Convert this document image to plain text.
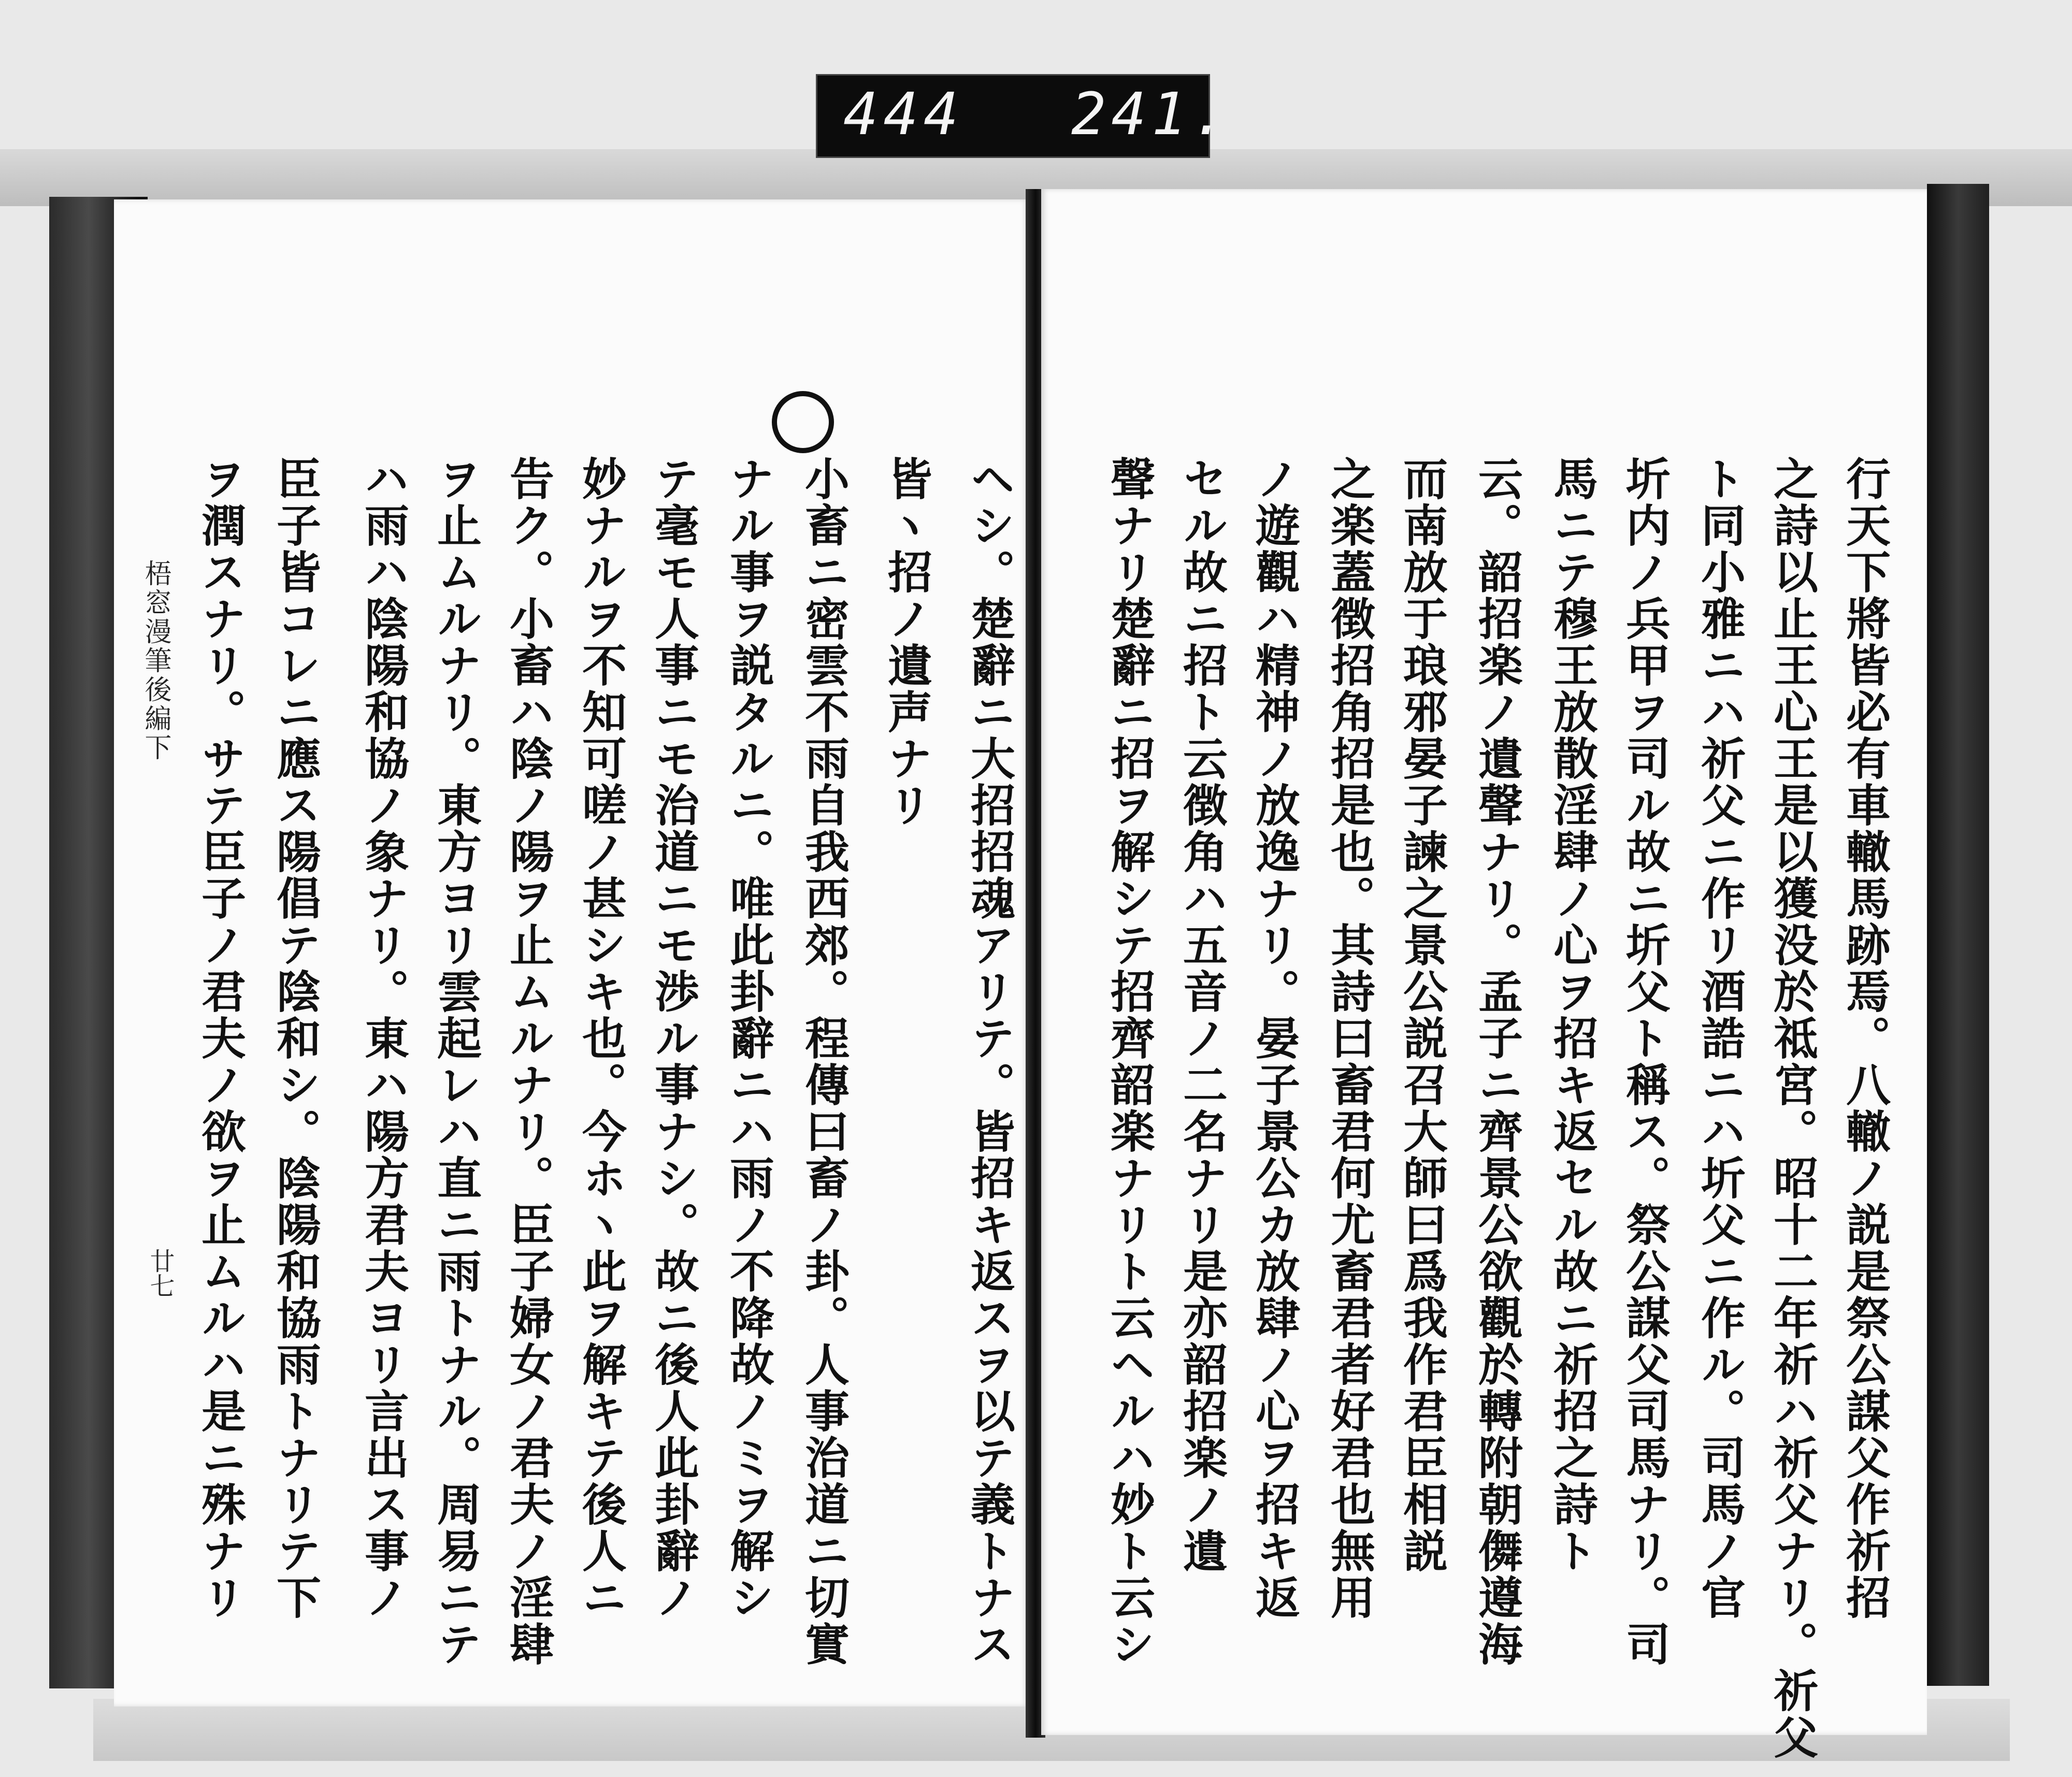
444 241.
梧窓漫筆後編下
廿七	ヘシ。楚辭ニ大招招魂アリテ。皆招キ返スヲ以テ義トナス
皆ヽ招ノ遺声ナリ
小畜ニ密雲不雨自我西郊。程傳曰畜ノ卦。人事治道ニ切實
ナル事ヲ説タルニ。唯此卦辭ニハ雨ノ不降故ノミヲ解シ
テ毫モ人事ニモ治道ニモ渉ル事ナシ。故ニ後人此卦辭ノ
妙ナルヲ不知可嗟ノ甚シキ也。今ホヽ此ヲ解キテ後人ニ
告ク。小畜ハ陰ノ陽ヲ止ムルナリ。臣子婦女ノ君夫ノ淫肆
ヲ止ムルナリ。東方ヨリ雲起レハ直ニ雨トナル。周易ニテ
ハ雨ハ陰陽和協ノ象ナリ。東ハ陽方君夫ヨリ言出ス事ノ
臣子皆コレニ應ス陽倡テ陰和シ。陰陽和協雨トナリテ下
ヲ潤スナリ。サテ臣子ノ君夫ノ欲ヲ止ムルハ是ニ殊ナリ	行天下將皆必有車轍馬跡焉。八轍ノ説是祭公謀父作祈招
之詩以止王心王是以獲没於祗宮。昭十二年祈ハ祈父ナリ。祈父
ト同小雅ニハ祈父ニ作リ酒誥ニハ圻父ニ作ル。司馬ノ官
圻内ノ兵甲ヲ司ル故ニ圻父ト稱ス。祭公謀父司馬ナリ。司
馬ニテ穆王放散淫肆ノ心ヲ招キ返セル故ニ祈招之詩ト
云。韶招楽ノ遺聲ナリ。孟子ニ齊景公欲觀於轉附朝儛遵海
而南放于琅邪晏子諫之景公説召大師曰爲我作君臣相説
之楽蓋徴招角招是也。其詩曰畜君何尤畜君者好君也無用
ノ遊觀ハ精神ノ放逸ナリ。晏子景公カ放肆ノ心ヲ招キ返
セル故ニ招ト云徴角ハ五音ノ二名ナリ是亦韶招楽ノ遺
聲ナリ楚辭ニ招ヲ解シテ招齊韶楽ナリト云ヘルハ妙ト云シ
